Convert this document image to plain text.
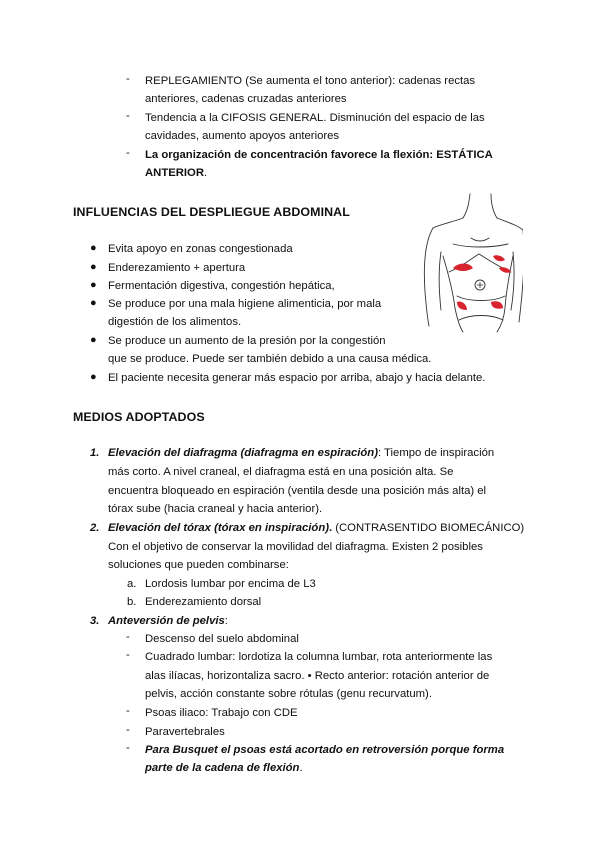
- REPLEGAMIENTO (Se aumenta el tono anterior): cadenas rectas
anteriores, cadenas cruzadas anteriores
- Tendencia a la CIFOSIS GENERAL. Disminución del espacio de las
cavidades, aumento apoyos anteriores
- La organización de concentración favorece la flexión: ESTÁTICA
ANTERIOR.
INFLUENCIAS DEL DESPLIEGUE ABDOMINAL
● Evita apoyo en zonas congestionada
● Enderezamiento + apertura
● Fermentación digestiva, congestión hepática,
● Se produce por una mala higiene alimenticia, por mala
digestión de los alimentos.
● Se produce un aumento de la presión por la congestión
que se produce. Puede ser también debido a una causa médica.
● El paciente necesita generar más espacio por arriba, abajo y hacia delante.
MEDIOS ADOPTADOS
1. Elevación del diafragma (diafragma en espiración): Tiempo de inspiración
más corto. A nivel craneal, el diafragma está en una posición alta. Se
encuentra bloqueado en espiración (ventila desde una posición más alta) el
tórax sube (hacia craneal y hacia anterior).
2. Elevación del tórax (tórax en inspiración). (CONTRASENTIDO BIOMECÁNICO)
Con el objetivo de conservar la movilidad del diafragma. Existen 2 posibles
soluciones que pueden combinarse:
a. Lordosis lumbar por encima de L3
b. Enderezamiento dorsal
3. Anteversión de pelvis:
- Descenso del suelo abdominal
- Cuadrado lumbar: lordotiza la columna lumbar, rota anteriormente las
alas ilíacas, horizontaliza sacro. • Recto anterior: rotación anterior de
pelvis, acción constante sobre rótulas (genu recurvatum).
- Psoas iliaco: Trabajo con CDE
- Paravertebrales
- Para Busquet el psoas está acortado en retroversión porque forma
parte de la cadena de flexión.
